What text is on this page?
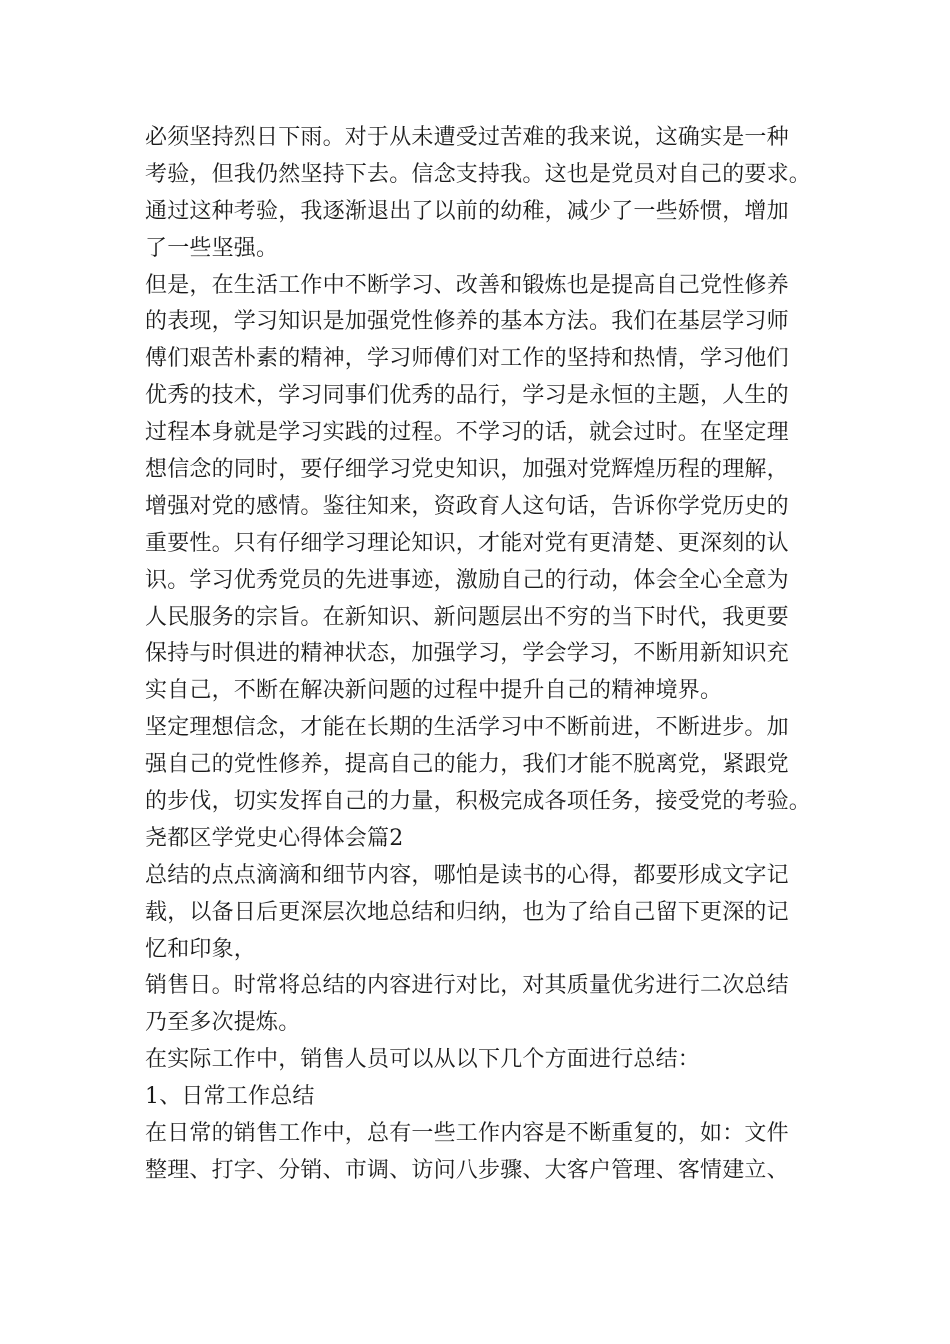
必须坚持烈日下雨。对于从未遭受过苦难的我来说，这确实是一种
考验，但我仍然坚持下去。信念支持我。这也是党员对自己的要求。
通过这种考验，我逐渐退出了以前的幼稚，减少了一些娇惯，增加
了一些坚强。
但是，在生活工作中不断学习、改善和锻炼也是提高自己党性修养
的表现，学习知识是加强党性修养的基本方法。我们在基层学习师
傅们艰苦朴素的精神，学习师傅们对工作的坚持和热情，学习他们
优秀的技术，学习同事们优秀的品行，学习是永恒的主题，人生的
过程本身就是学习实践的过程。不学习的话，就会过时。在坚定理
想信念的同时，要仔细学习党史知识，加强对党辉煌历程的理解，
增强对党的感情。鉴往知来，资政育人这句话，告诉你学党历史的
重要性。只有仔细学习理论知识，才能对党有更清楚、更深刻的认
识。学习优秀党员的先进事迹，激励自己的行动，体会全心全意为
人民服务的宗旨。在新知识、新问题层出不穷的当下时代，我更要
保持与时俱进的精神状态，加强学习，学会学习，不断用新知识充
实自己，不断在解决新问题的过程中提升自己的精神境界。
坚定理想信念，才能在长期的生活学习中不断前进，不断进步。加
强自己的党性修养，提高自己的能力，我们才能不脱离党，紧跟党
的步伐，切实发挥自己的力量，积极完成各项任务，接受党的考验。
尧都区学党史心得体会篇2
总结的点点滴滴和细节内容，哪怕是读书的心得，都要形成文字记
载，以备日后更深层次地总结和归纳，也为了给自己留下更深的记
忆和印象，
销售日。时常将总结的内容进行对比，对其质量优劣进行二次总结
乃至多次提炼。
在实际工作中，销售人员可以从以下几个方面进行总结：
1、日常工作总结
在日常的销售工作中，总有一些工作内容是不断重复的，如：文件
整理、打字、分销、市调、访问八步骤、大客户管理、客情建立、
